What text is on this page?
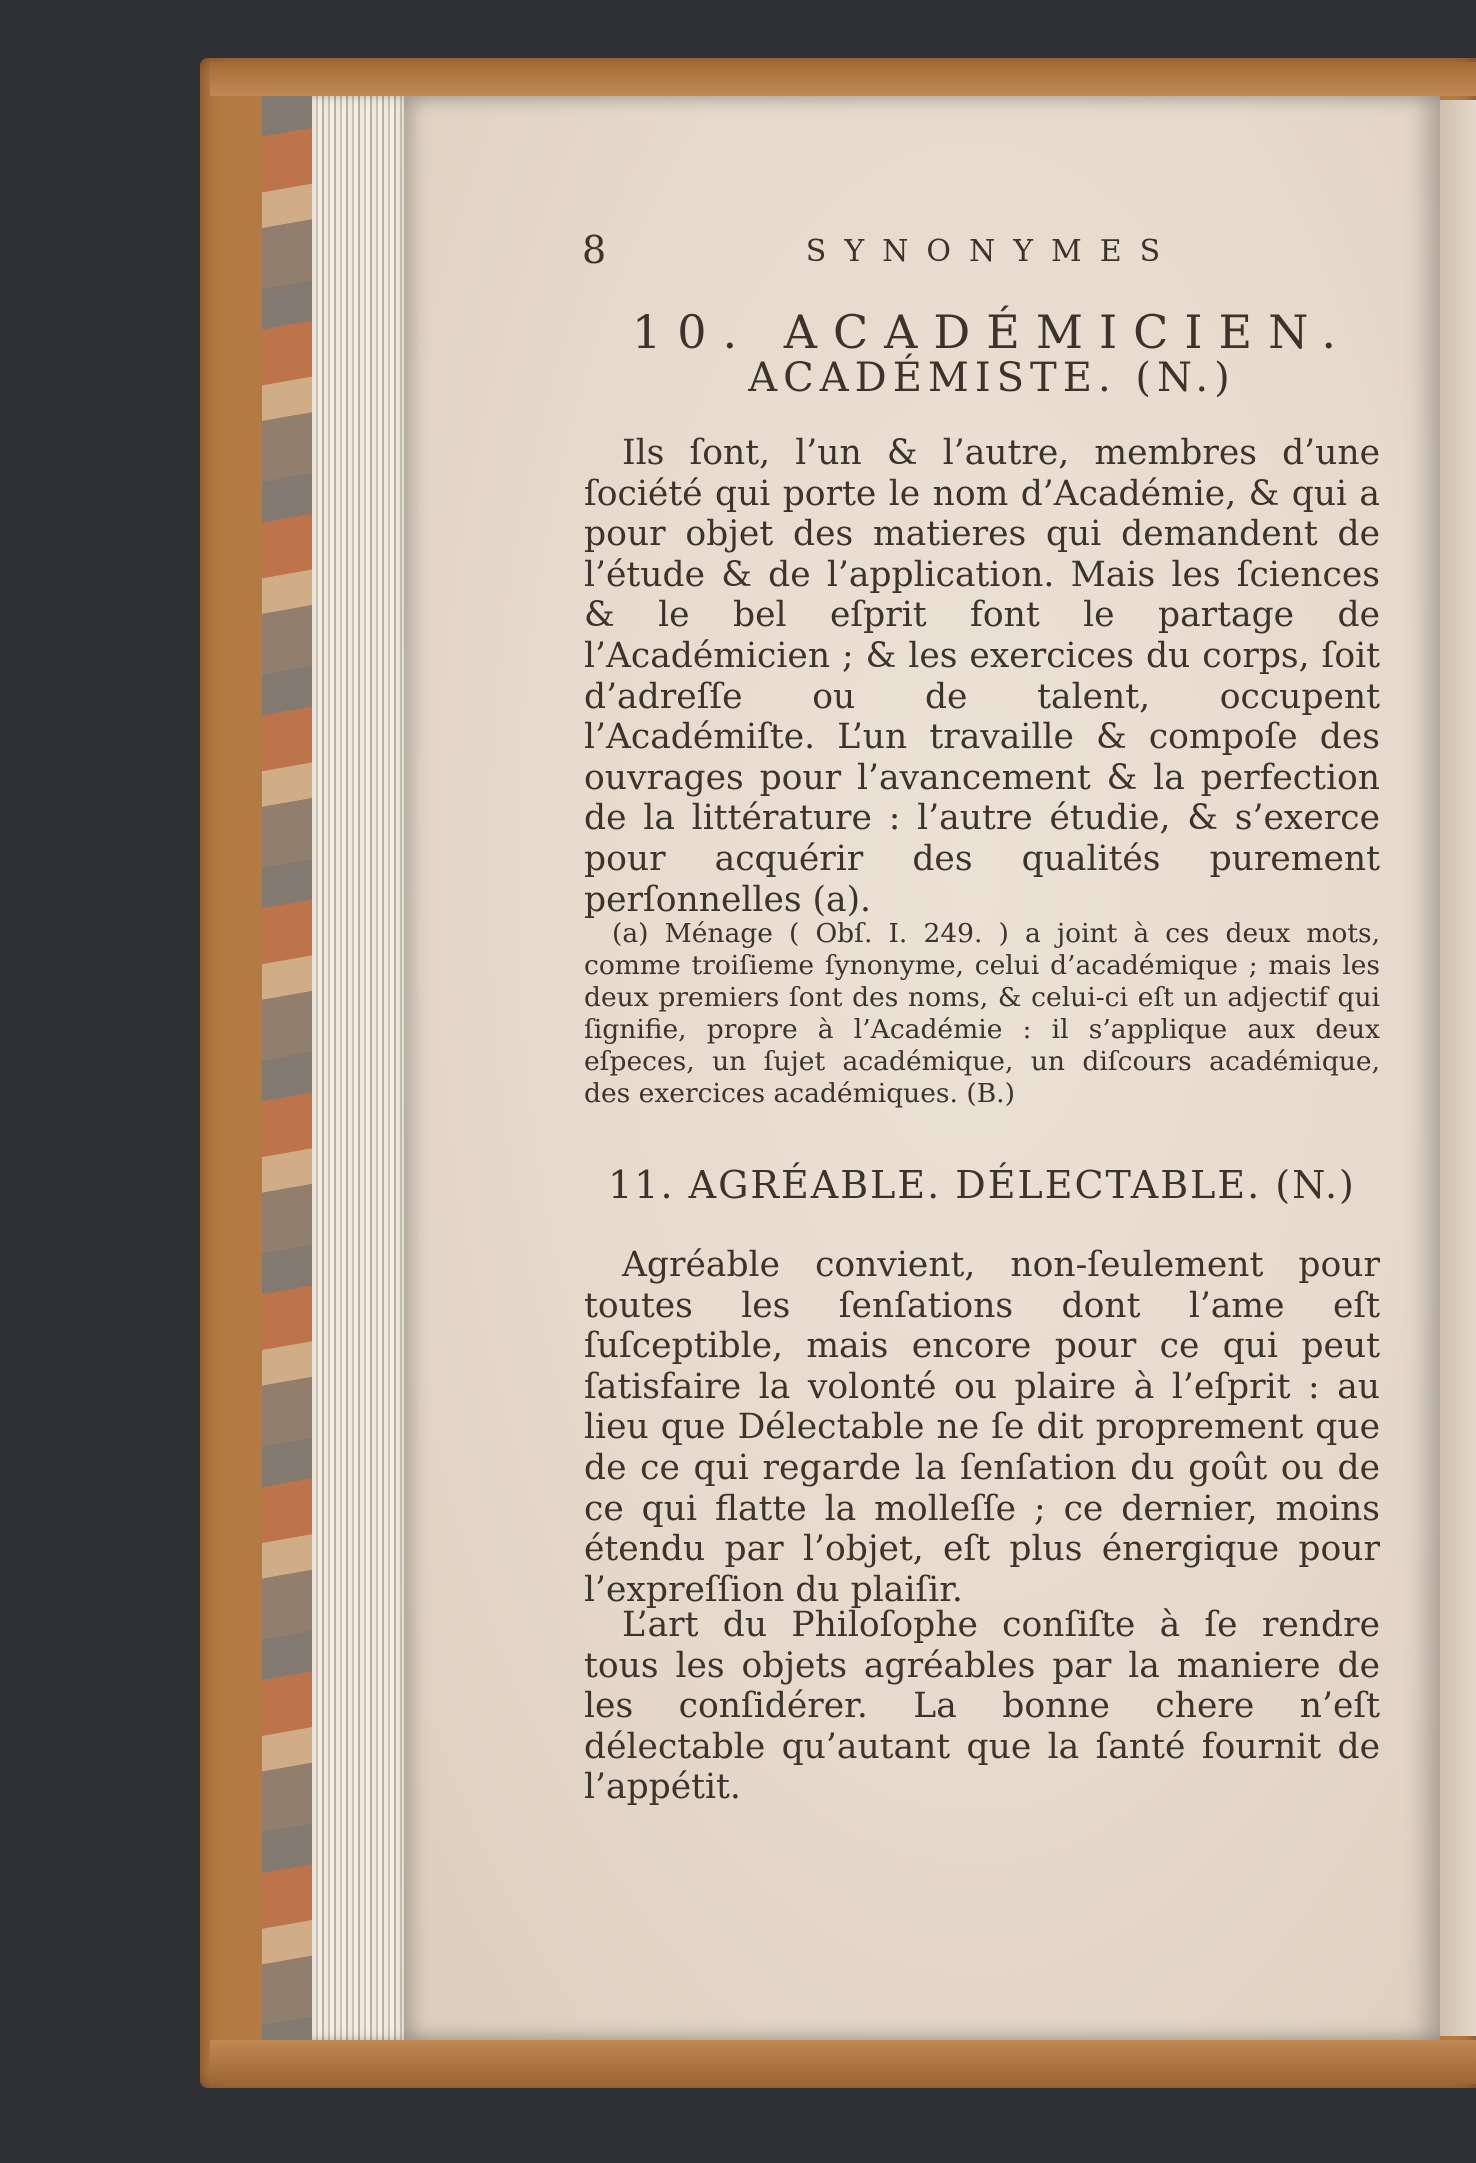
8	SYNONYMES
10. ACADÉMICIEN.
ACADÉMISTE. (N.)
Ils ſont, l’un & l’autre, membres d’une ſociété qui porte le nom d’Académie, & qui a pour objet des matieres qui demandent de l’étude & de l’application. Mais les ſciences & le bel eſprit font le partage de l’Académicien ; & les exercices du corps, ſoit d’adreſſe ou de talent, occupent l’Académiſte. L’un travaille & compoſe des ouvrages pour l’avancement & la perfection de la littérature : l’autre étudie, & s’exerce pour acquérir des qualités purement perſonnelles (a).
(a) Ménage ( Obſ. I. 249. ) a joint à ces deux mots, comme troiſieme ſynonyme, celui d’académique ; mais les deux premiers ſont des noms, & celui-ci eſt un adjectif qui ſignifie, propre à l’Académie : il s’applique aux deux eſpeces, un ſujet académique, un diſcours académique, des exercices académiques. (B.)
11. AGRÉABLE. DÉLECTABLE. (N.)
Agréable convient, non-ſeulement pour toutes les ſenſations dont l’ame eſt ſuſceptible, mais encore pour ce qui peut ſatisfaire la volonté ou plaire à l’eſprit : au lieu que Délectable ne ſe dit proprement que de ce qui regarde la ſenſation du goût ou de ce qui flatte la molleſſe ; ce dernier, moins étendu par l’objet, eſt plus énergique pour l’expreſſion du plaiſir.
L’art du Philoſophe conſiſte à ſe rendre tous les objets agréables par la maniere de les conſidérer. La bonne chere n’eſt délectable qu’autant que la ſanté fournit de l’appétit.
